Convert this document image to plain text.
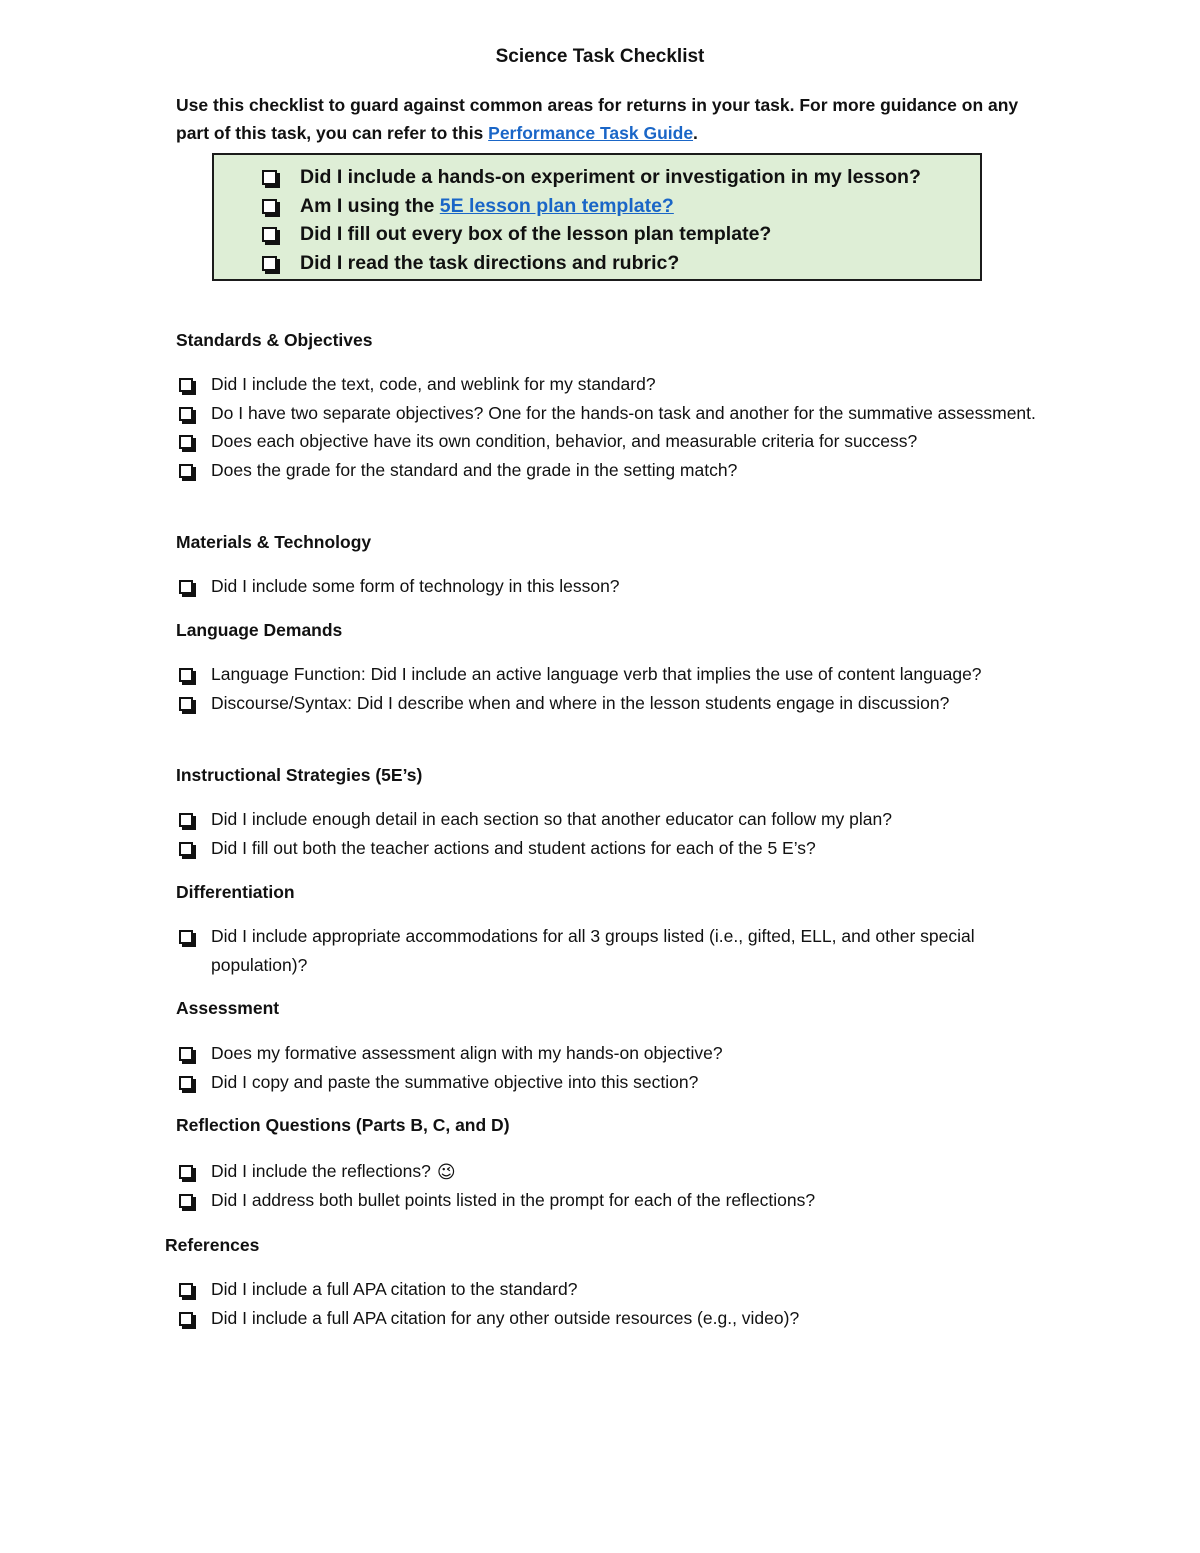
Science Task Checklist
Use this checklist to guard against common areas for returns in your task. For more guidance on any part of this task, you can refer to this Performance Task Guide.
Did I include a hands-on experiment or investigation in my lesson?
Am I using the 5E lesson plan template?
Did I fill out every box of the lesson plan template?
Did I read the task directions and rubric?
Standards & Objectives
Did I include the text, code, and weblink for my standard?
Do I have two separate objectives? One for the hands-on task and another for the summative assessment.
Does each objective have its own condition, behavior, and measurable criteria for success?
Does the grade for the standard and the grade in the setting match?
Materials & Technology
Did I include some form of technology in this lesson?
Language Demands
Language Function: Did I include an active language verb that implies the use of content language?
Discourse/Syntax: Did I describe when and where in the lesson students engage in discussion?
Instructional Strategies (5E’s)
Did I include enough detail in each section so that another educator can follow my plan?
Did I fill out both the teacher actions and student actions for each of the 5 E’s?
Differentiation
Did I include appropriate accommodations for all 3 groups listed (i.e., gifted, ELL, and other special population)?
Assessment
Does my formative assessment align with my hands-on objective?
Did I copy and paste the summative objective into this section?
Reflection Questions (Parts B, C, and D)
Did I include the reflections? 😉
Did I address both bullet points listed in the prompt for each of the reflections?
References
Did I include a full APA citation to the standard?
Did I include a full APA citation for any other outside resources (e.g., video)?
